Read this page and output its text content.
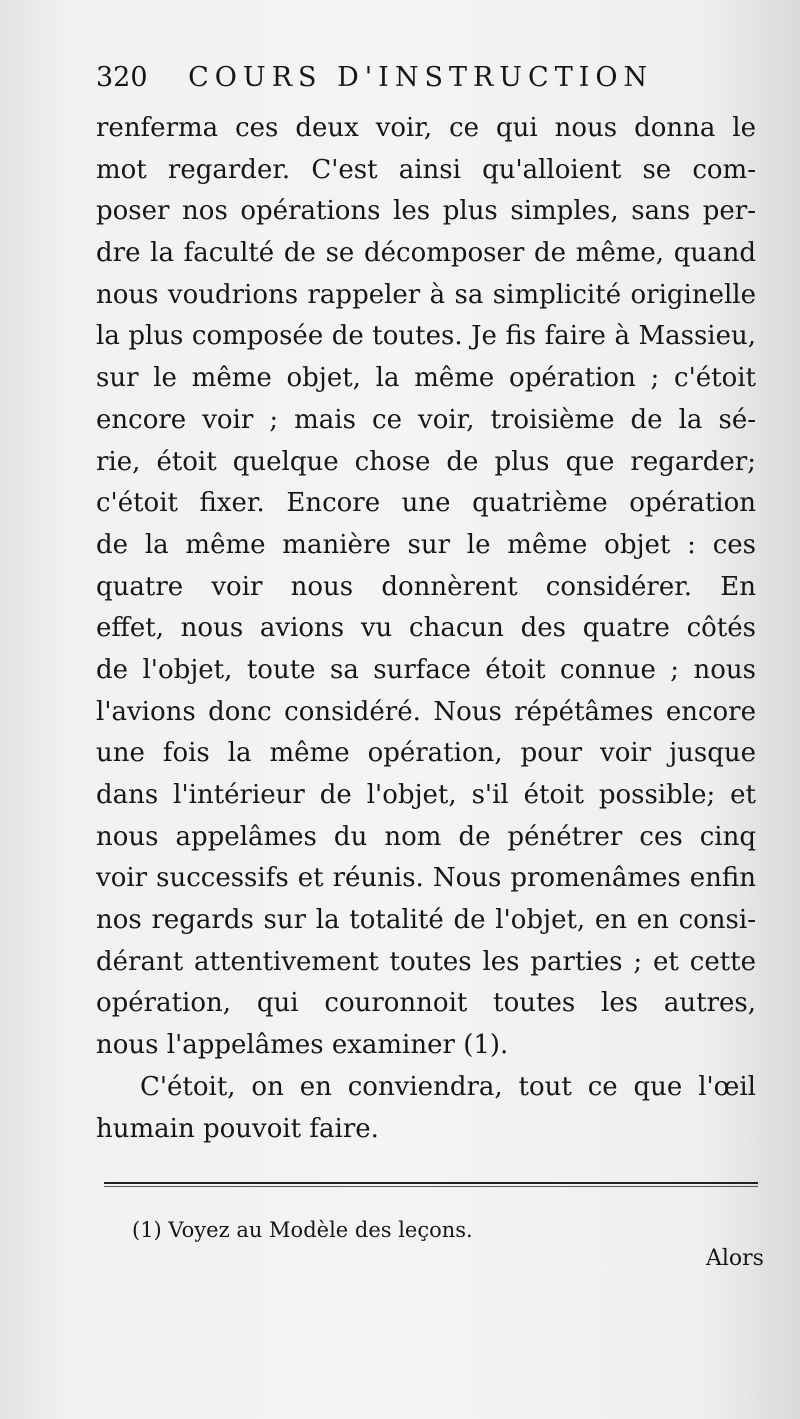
320 COURS D'INSTRUCTION
renferma ces deux voir, ce qui nous donna le
mot regarder. C'est ainsi qu'alloient se com-
poser nos opérations les plus simples, sans per-
dre la faculté de se décomposer de même, quand
nous voudrions rappeler à sa simplicité originelle
la plus composée de toutes. Je fis faire à Massieu,
sur le même objet, la même opération ; c'étoit
encore voir ; mais ce voir, troisième de la sé-
rie, étoit quelque chose de plus que regarder;
c'étoit fixer. Encore une quatrième opération
de la même manière sur le même objet : ces
quatre voir nous donnèrent considérer. En
effet, nous avions vu chacun des quatre côtés
de l'objet, toute sa surface étoit connue ; nous
l'avions donc considéré. Nous répétâmes encore
une fois la même opération, pour voir jusque
dans l'intérieur de l'objet, s'il étoit possible; et
nous appelâmes du nom de pénétrer ces cinq
voir successifs et réunis. Nous promenâmes enfin
nos regards sur la totalité de l'objet, en en consi-
dérant attentivement toutes les parties ; et cette
opération, qui couronnoit toutes les autres,
nous l'appelâmes examiner (1).
C'étoit, on en conviendra, tout ce que l'œil
humain pouvoit faire.
(1) Voyez au Modèle des leçons.
Alors
